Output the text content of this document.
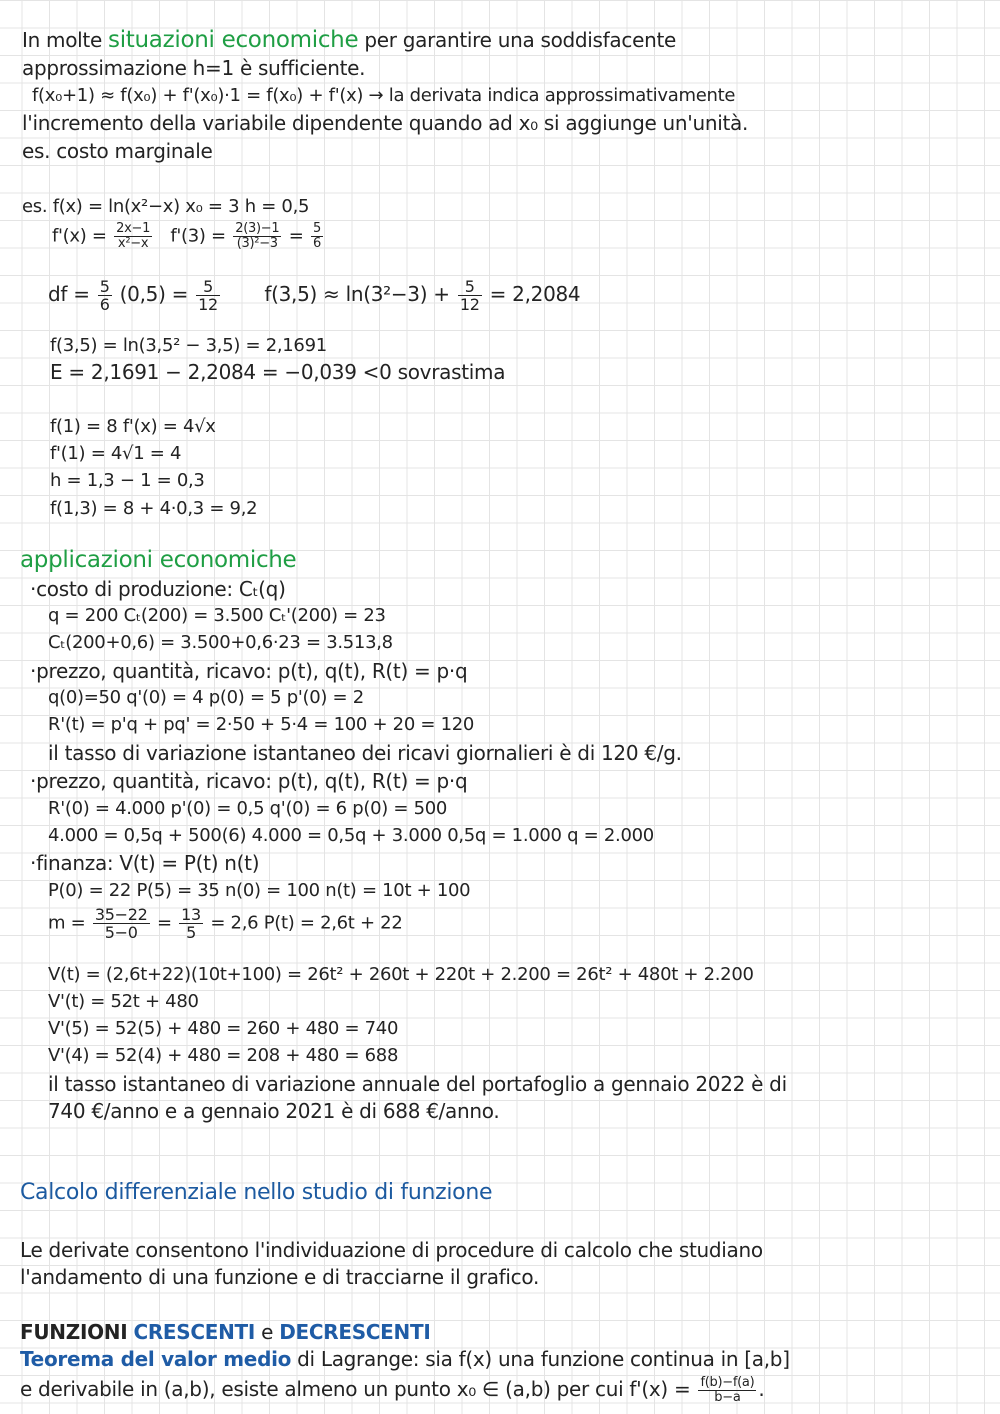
In molte situazioni economiche per garantire una soddisfacente

approssimazione h=1 è sufficiente.

f(x₀+1) ≈ f(x₀) + f'(x₀)·1 = f(x₀) + f'(x) → la derivata indica approssimativamente

l'incremento della variabile dipendente quando ad x₀ si aggiunge un'unità.

es. costo marginale

es. f(x) = ln(x²−x) x₀ = 3 h = 0,5

$f'(x) = \frac{2x-1}{\text{x²−x}} f'(3) = \frac{2(3)-1}{\text{(3)²−3}} = \frac{5}{6}$

df = $\frac{5}{6} (0,5) = \frac{5}{12} f(3,5) \approx \ln(3^2-3) + \frac{5}{12} = 2,2084$

f(3,5) = ln(3,5² − 3,5) = 2,1691

E = 2,1691 − 2,2084 = −0,039 <0 sovrastima

f(1) = 8 f'(x) = 4√x

f'(1) = 4√1 = 4

h = 1,3 − 1 = 0,3

f(1,3) = 8 + 4·0,3 = 9,2

applicazioni economiche

· costo di produzione: Cₜ(q)

q = 200 Cₜ(200) = 3.500 Cₜ'(200) = 23

Cₜ(200+0,6) = 3.500+0,6·23 = 3.513,8

· prezzo, quantità, ricavo: p(t), q(t), R(t) = p·q

q(0)=50 q'(0) = 4 p(0) = 5 p'(0) = 2

R'(t) = p'q + pq' = 2·50 + 5·4 = 100 + 20 = 120

il tasso di variazione istantaneo dei ricavi giornalieri è di 120 €/g.

· prezzo, quantità, ricavo: p(t), q(t), R(t) = p·q

R'(0) = 4.000 p'(0) = 0,5 q'(0) = 6 p(0) = 500

4.000 = 0,5q + 500(6) 4.000 = 0,5q + 3.000 0,5q = 1.000 q = 2.000

· finanza: V(t) = P(t) n(t)

P(0) = 22 P(5) = 35 n(0) = 100 n(t) = 10t + 100

$m = \frac{35-22}{5-0} = \frac{13}{5} = 2,6$ P(t) = 2,6t + 22

V(t) = (2,6t+22)(10t+100) = 26t² + 260t + 220t + 2.200 = 26t² + 480t + 2.200

V'(t) = 52t + 480

V'(5) = 52(5) + 480 = 260 + 480 = 740

V'(4) = 52(4) + 480 = 208 + 480 = 688

il tasso istantaneo di variazione annuale del portafoglio a gennaio 2022 è di

740 €/anno e a gennaio 2021 è di 688 €/anno.

Calcolo differenziale nello studio di funzione

Le derivate consentono l'individuazione di procedure di calcolo che studiano

l'andamento di una funzione e di tracciarne il grafico.

FUNZIONI CRESCENTI e DECRESCENTI

Teorema del valor medio di Lagrange: sia f(x) una funzione continua in [a,b]

e derivabile in (a,b), esiste almeno un punto x₀ ∈ (a,b) per cui $f'(x) = \frac{f(b)-f(a)}{b-a}$ .
